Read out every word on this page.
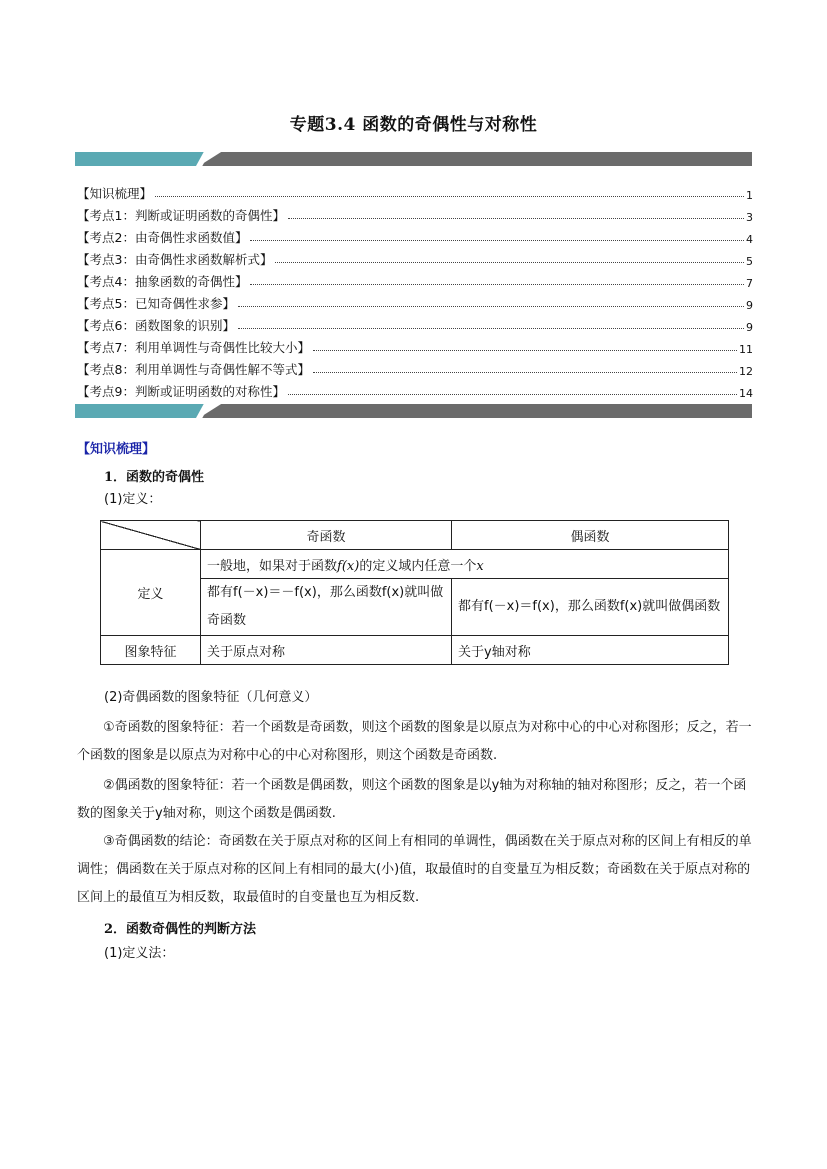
专题3.4 函数的奇偶性与对称性
【知识梳理】	1
【考点1：判断或证明函数的奇偶性】	3
【考点2：由奇偶性求函数值】	4
【考点3：由奇偶性求函数解析式】	5
【考点4：抽象函数的奇偶性】	7
【考点5：已知奇偶性求参】	9
【考点6：函数图象的识别】	9
【考点7：利用单调性与奇偶性比较大小】	11
【考点8：利用单调性与奇偶性解不等式】	12
【考点9：判断或证明函数的对称性】	14
【知识梳理】
1．函数的奇偶性
(1)定义：
	奇函数	偶函数
定义	一般地，如果对于函数f(x)的定义域内任意一个x	
	都有f(－x)＝－f(x)，那么函数f(x)就叫做奇函数	都有f(－x)＝f(x)，那么函数f(x)就叫做偶函数
图象特征	关于原点对称	关于y轴对称
(2)奇偶函数的图象特征（几何意义）
①奇函数的图象特征：若一个函数是奇函数，则这个函数的图象是以原点为对称中心的中心对称图形；反之，若一个函数的图象是以原点为对称中心的中心对称图形，则这个函数是奇函数.
②偶函数的图象特征：若一个函数是偶函数，则这个函数的图象是以y轴为对称轴的轴对称图形；反之，若一个函数的图象关于y轴对称，则这个函数是偶函数.
③奇偶函数的结论：奇函数在关于原点对称的区间上有相同的单调性，偶函数在关于原点对称的区间上有相反的单调性；偶函数在关于原点对称的区间上有相同的最大(小)值，取最值时的自变量互为相反数；奇函数在关于原点对称的区间上的最值互为相反数，取最值时的自变量也互为相反数.
2．函数奇偶性的判断方法
(1)定义法：
